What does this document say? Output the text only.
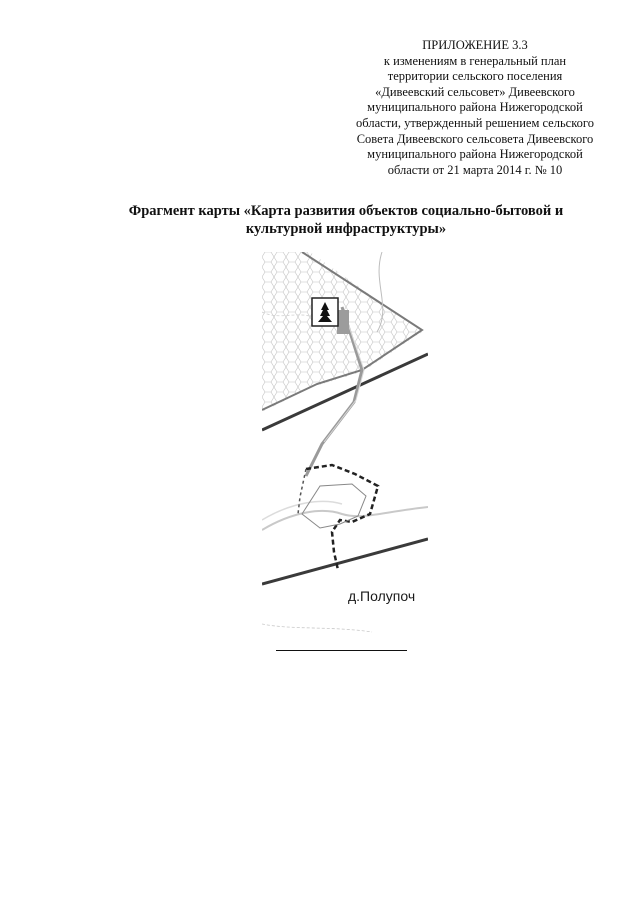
ПРИЛОЖЕНИЕ 3.3
к изменениям в генеральный план
территории сельского поселения
«Дивеевский сельсовет» Дивеевского
муниципального района Нижегородской
области, утвержденный решением сельского
Совета Дивеевского сельсовета Дивеевского
муниципального района Нижегородской
области от 21 марта 2014 г. № 10
Фрагмент карты «Карта развития объектов социально-бытовой и
культурной инфраструктуры»
д.Полупоч
